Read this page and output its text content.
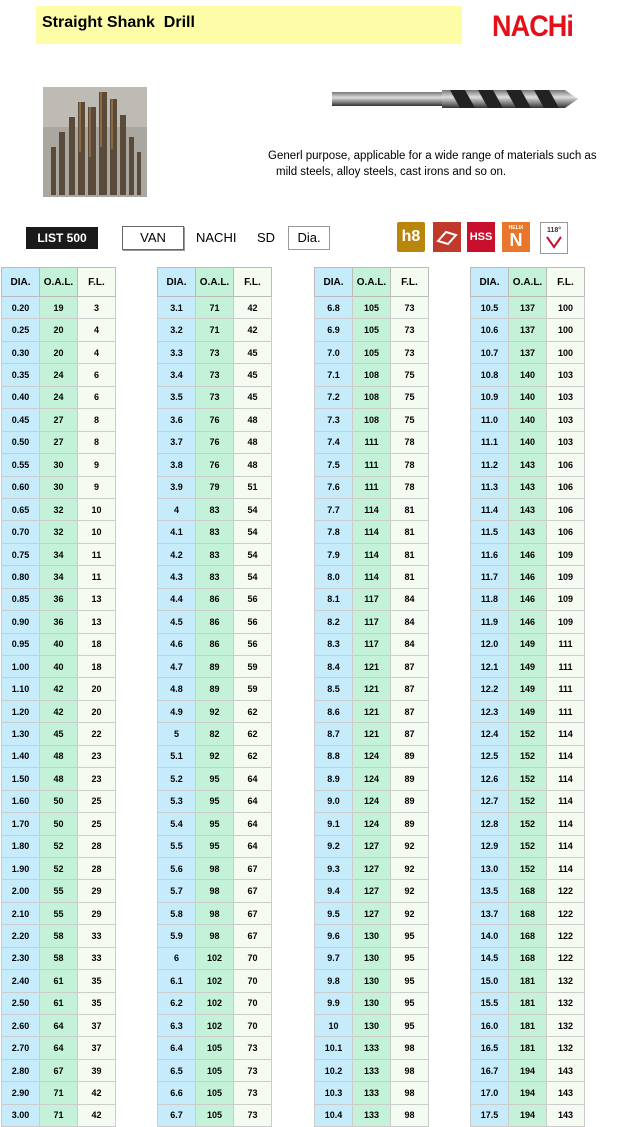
Straight Shank  Drill	NACHi
Generl purpose, applicable for a wide range of materials such as
mild steels, alloy steels, cast irons and so on.
LIST 500	VAN	NACHI SD	Dia.	h8	HSS
HELIX
N	118°
DIA.	O.A.L.	F.L.
0.20	19	3
0.25	20	4
0.30	20	4
0.35	24	6
0.40	24	6
0.45	27	8
0.50	27	8
0.55	30	9
0.60	30	9
0.65	32	10
0.70	32	10
0.75	34	11
0.80	34	11
0.85	36	13
0.90	36	13
0.95	40	18
1.00	40	18
1.10	42	20
1.20	42	20
1.30	45	22
1.40	48	23
1.50	48	23
1.60	50	25
1.70	50	25
1.80	52	28
1.90	52	28
2.00	55	29
2.10	55	29
2.20	58	33
2.30	58	33
2.40	61	35
2.50	61	35
2.60	64	37
2.70	64	37
2.80	67	39
2.90	71	42
3.00	71	42
DIA.	O.A.L.	F.L.
3.1	71	42
3.2	71	42
3.3	73	45
3.4	73	45
3.5	73	45
3.6	76	48
3.7	76	48
3.8	76	48
3.9	79	51
4	83	54
4.1	83	54
4.2	83	54
4.3	83	54
4.4	86	56
4.5	86	56
4.6	86	56
4.7	89	59
4.8	89	59
4.9	92	62
5	82	62
5.1	92	62
5.2	95	64
5.3	95	64
5.4	95	64
5.5	95	64
5.6	98	67
5.7	98	67
5.8	98	67
5.9	98	67
6	102	70
6.1	102	70
6.2	102	70
6.3	102	70
6.4	105	73
6.5	105	73
6.6	105	73
6.7	105	73
DIA.	O.A.L.	F.L.
6.8	105	73
6.9	105	73
7.0	105	73
7.1	108	75
7.2	108	75
7.3	108	75
7.4	111	78
7.5	111	78
7.6	111	78
7.7	114	81
7.8	114	81
7.9	114	81
8.0	114	81
8.1	117	84
8.2	117	84
8.3	117	84
8.4	121	87
8.5	121	87
8.6	121	87
8.7	121	87
8.8	124	89
8.9	124	89
9.0	124	89
9.1	124	89
9.2	127	92
9.3	127	92
9.4	127	92
9.5	127	92
9.6	130	95
9.7	130	95
9.8	130	95
9.9	130	95
10	130	95
10.1	133	98
10.2	133	98
10.3	133	98
10.4	133	98
DIA.	O.A.L.	F.L.
10.5	137	100
10.6	137	100
10.7	137	100
10.8	140	103
10.9	140	103
11.0	140	103
11.1	140	103
11.2	143	106
11.3	143	106
11.4	143	106
11.5	143	106
11.6	146	109
11.7	146	109
11.8	146	109
11.9	146	109
12.0	149	111
12.1	149	111
12.2	149	111
12.3	149	111
12.4	152	114
12.5	152	114
12.6	152	114
12.7	152	114
12.8	152	114
12.9	152	114
13.0	152	114
13.5	168	122
13.7	168	122
14.0	168	122
14.5	168	122
15.0	181	132
15.5	181	132
16.0	181	132
16.5	181	132
16.7	194	143
17.0	194	143
17.5	194	143
